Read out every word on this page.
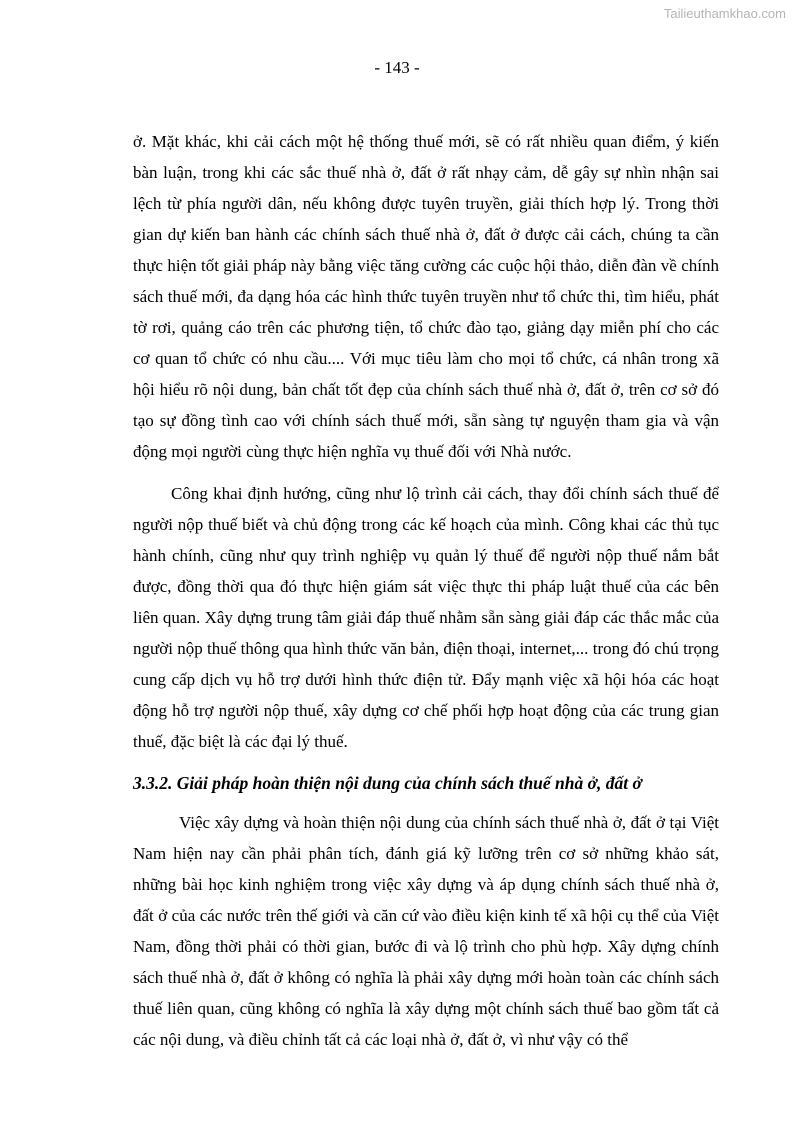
Tailieuthamkhao.com
- 143 -

ở. Mặt khác, khi cải cách một hệ thống thuế mới, sẽ có rất nhiều quan điểm, ý kiến bàn luận, trong khi các sắc thuế nhà ở, đất ở rất nhạy cảm, dễ gây sự nhìn nhận sai lệch từ phía người dân, nếu không được tuyên truyền, giải thích hợp lý. Trong thời gian dự kiến ban hành các chính sách thuế nhà ở, đất ở được cải cách, chúng ta cần thực hiện tốt giải pháp này bằng việc tăng cường các cuộc hội thảo, diễn đàn về chính sách thuế mới, đa dạng hóa các hình thức tuyên truyền như tổ chức thi, tìm hiểu, phát tờ rơi, quảng cáo trên các phương tiện, tổ chức đào tạo, giảng dạy miễn phí cho các cơ quan tổ chức có nhu cầu.... Với mục tiêu làm cho mọi tổ chức, cá nhân trong xã hội hiểu rõ nội dung, bản chất tốt đẹp của chính sách thuế nhà ở, đất ở, trên cơ sở đó tạo sự đồng tình cao với chính sách thuế mới, sẵn sàng tự nguyện tham gia và vận động mọi người cùng thực hiện nghĩa vụ thuế đối với Nhà nước.

Công khai định hướng, cũng như lộ trình cải cách, thay đổi chính sách thuế để người nộp thuế biết và chủ động trong các kế hoạch của mình. Công khai các thủ tục hành chính, cũng như quy trình nghiệp vụ quản lý thuế để người nộp thuế nắm bắt được, đồng thời qua đó thực hiện giám sát việc thực thi pháp luật thuế của các bên liên quan. Xây dựng trung tâm giải đáp thuế nhằm sẵn sàng giải đáp các thắc mắc của người nộp thuế thông qua hình thức văn bản, điện thoại, internet,... trong đó chú trọng cung cấp dịch vụ hỗ trợ dưới hình thức điện tử. Đẩy mạnh việc xã hội hóa các hoạt động hỗ trợ người nộp thuế, xây dựng cơ chế phối hợp hoạt động của các trung gian thuế, đặc biệt là các đại lý thuế.

3.3.2. Giải pháp hoàn thiện nội dung của chính sách thuế nhà ở, đất ở

Việc xây dựng và hoàn thiện nội dung của chính sách thuế nhà ở, đất ở tại Việt Nam hiện nay cần phải phân tích, đánh giá kỹ lưỡng trên cơ sở những khảo sát, những bài học kinh nghiệm trong việc xây dựng và áp dụng chính sách thuế nhà ở, đất ở của các nước trên thế giới và căn cứ vào điều kiện kinh tế xã hội cụ thể của Việt Nam, đồng thời phải có thời gian, bước đi và lộ trình cho phù hợp. Xây dựng chính sách thuế nhà ở, đất ở không có nghĩa là phải xây dựng mới hoàn toàn các chính sách thuế liên quan, cũng không có nghĩa là xây dựng một chính sách thuế bao gồm tất cả các nội dung, và điều chỉnh tất cả các loại nhà ở, đất ở, vì như vậy có thể
